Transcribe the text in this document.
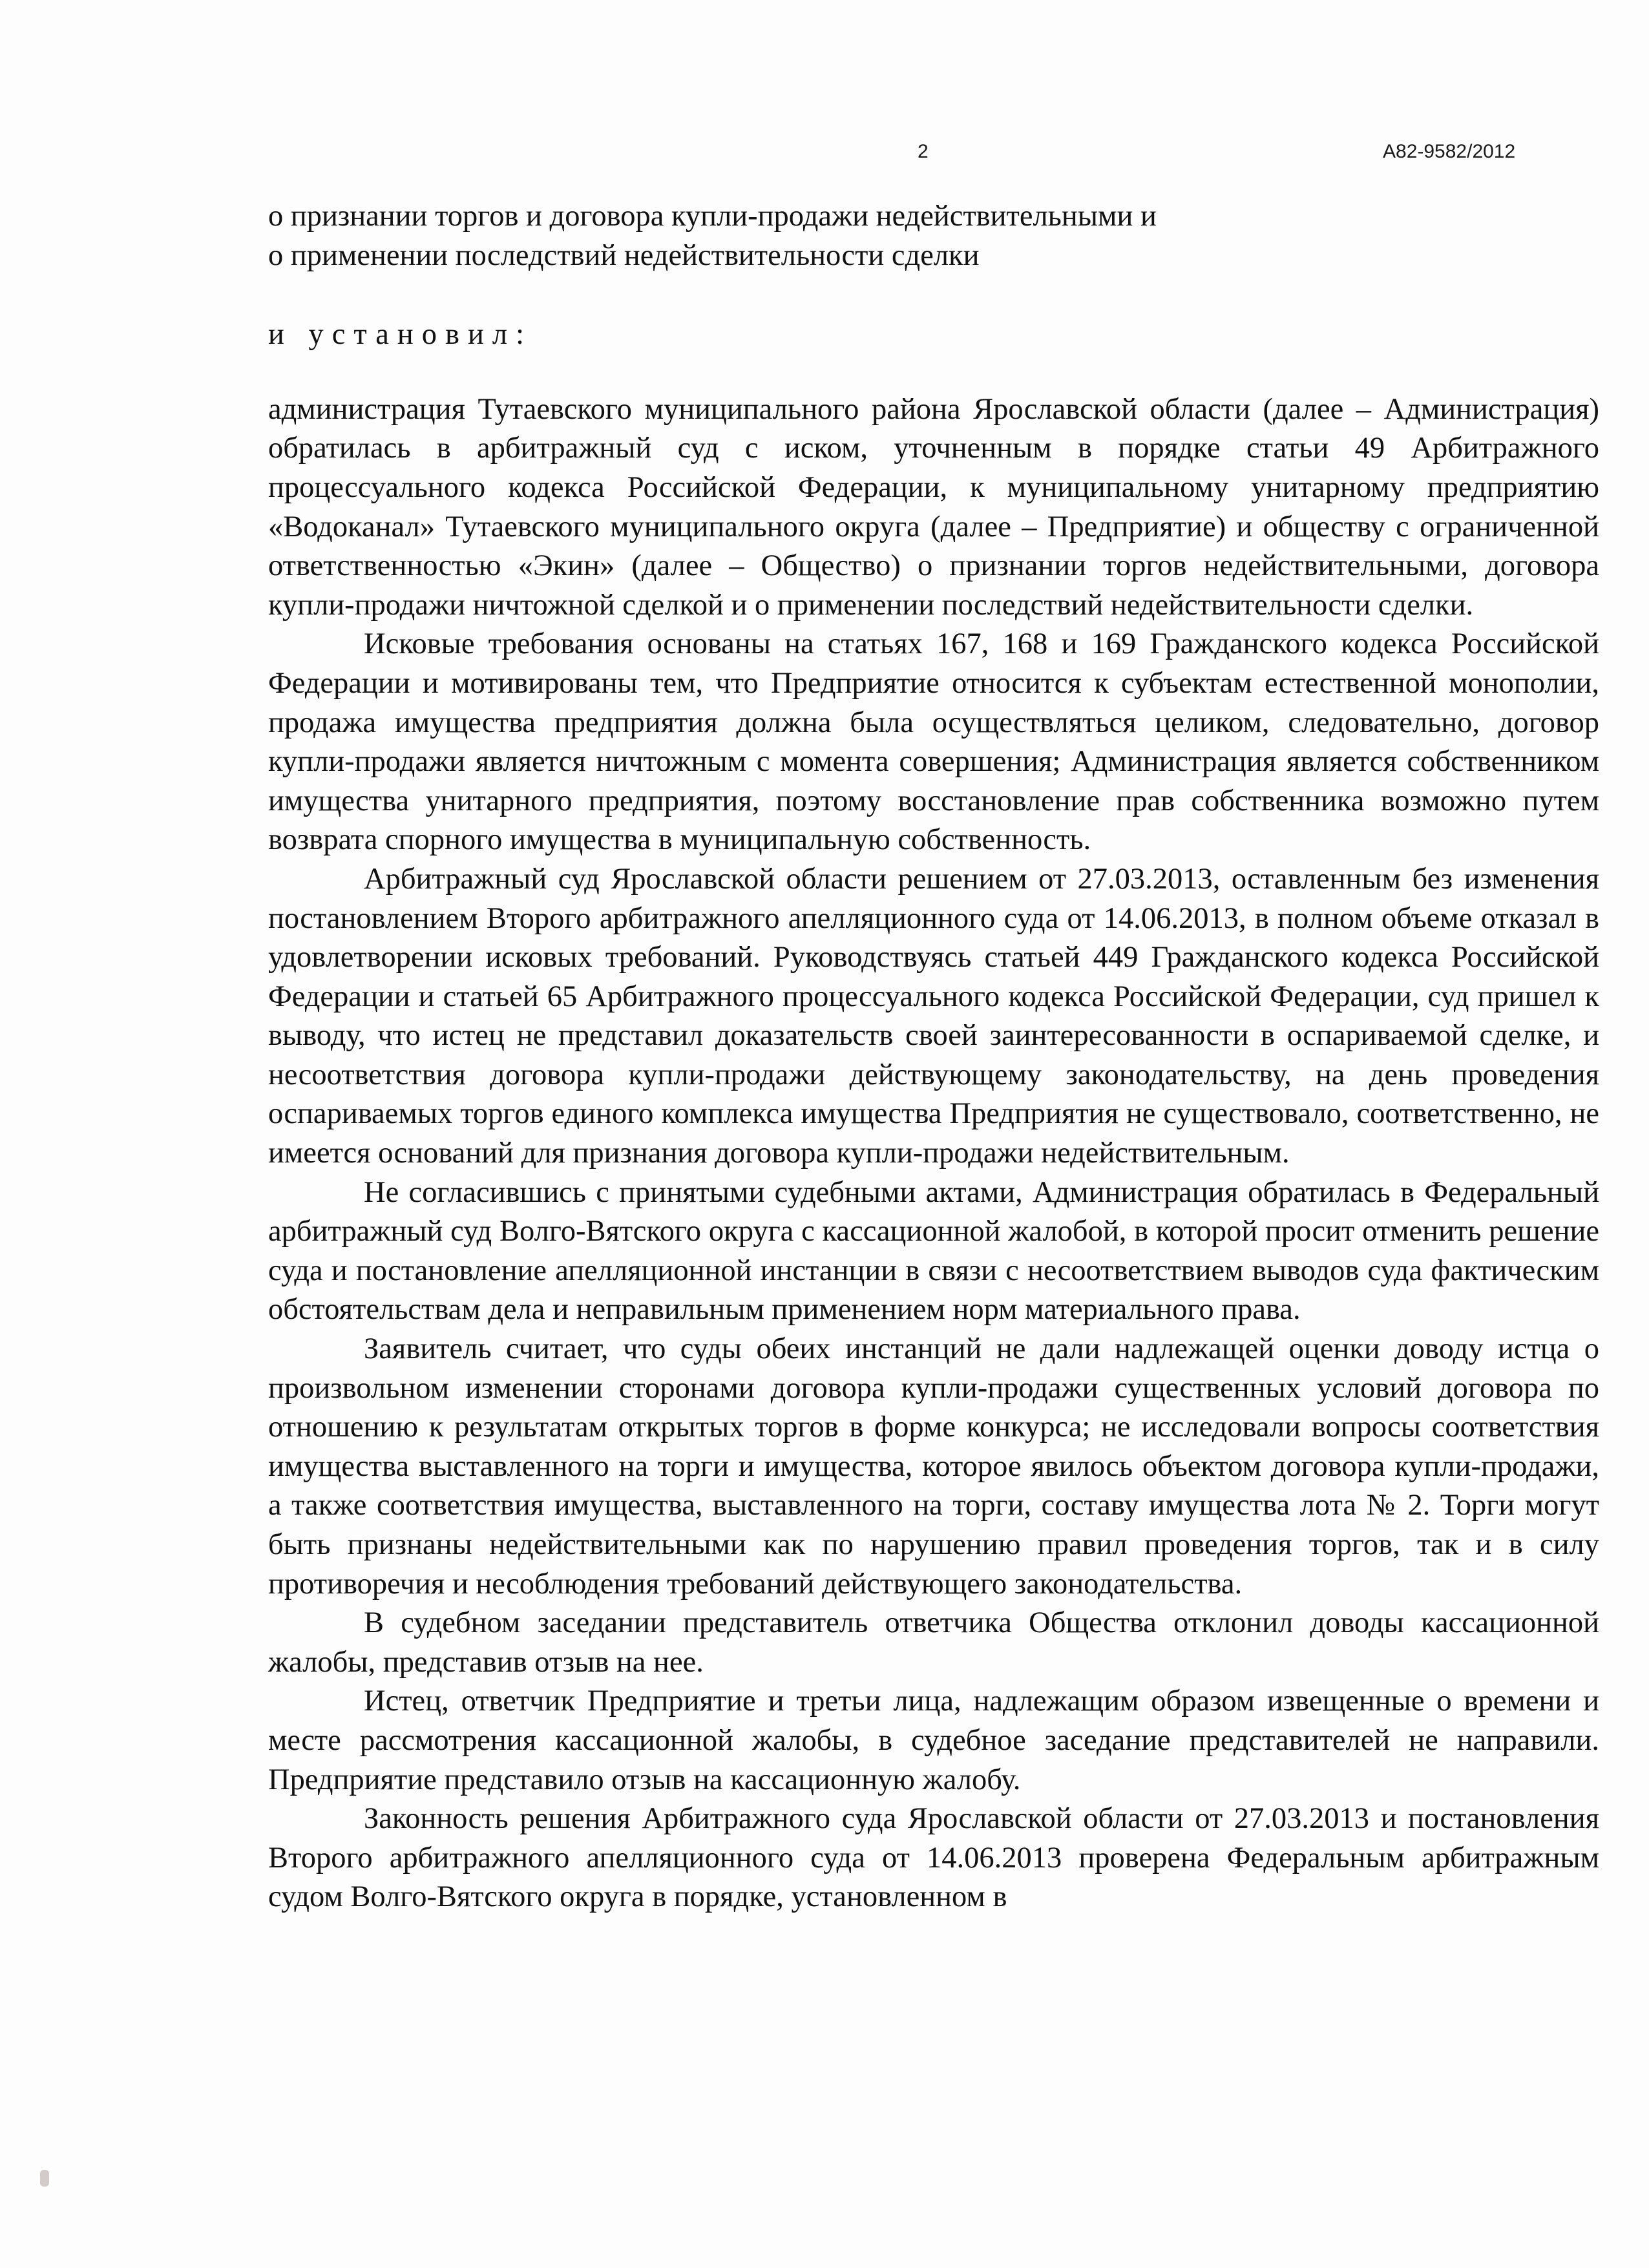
2	А82-9582/2012

о признании торгов и договора купли-продажи недействительными и

о применении последствий недействительности сделки

и установил:

администрация Тутаевского муниципального района Ярославской области (далее – Администрация) обратилась в арбитражный суд с иском, уточненным в порядке статьи 49 Арбитражного процессуального кодекса Российской Федерации, к муниципальному унитарному предприятию «Водоканал» Тутаевского муниципального округа (далее – Предприятие) и обществу с ограниченной ответственностью «Экин» (далее – Общество) о признании торгов недействительными, договора купли-продажи ничтожной сделкой и о применении последствий недействительности сделки.

Исковые требования основаны на статьях 167, 168 и 169 Гражданского кодекса Российской Федерации и мотивированы тем, что Предприятие относится к субъектам естественной монополии, продажа имущества предприятия должна была осуществляться целиком, следовательно, договор купли-продажи является ничтожным с момента совершения; Администрация является собственником имущества унитарного предприятия, поэтому восстановление прав собственника возможно путем возврата спорного имущества в муниципальную собственность.

Арбитражный суд Ярославской области решением от 27.03.2013, оставленным без изменения постановлением Второго арбитражного апелляционного суда от 14.06.2013, в полном объеме отказал в удовлетворении исковых требований. Руководствуясь статьей 449 Гражданского кодекса Российской Федерации и статьей 65 Арбитражного процессуального кодекса Российской Федерации, суд пришел к выводу, что истец не представил доказательств своей заинтересованности в оспариваемой сделке, и несоответствия договора купли-продажи действующему законодательству, на день проведения оспариваемых торгов единого комплекса имущества Предприятия не существовало, соответственно, не имеется оснований для признания договора купли-продажи недействительным.

Не согласившись с принятыми судебными актами, Администрация обратилась в Федеральный арбитражный суд Волго-Вятского округа с кассационной жалобой, в которой просит отменить решение суда и постановление апелляционной инстанции в связи с несоответствием выводов суда фактическим обстоятельствам дела и неправильным применением норм материального права.

Заявитель считает, что суды обеих инстанций не дали надлежащей оценки доводу истца о произвольном изменении сторонами договора купли-продажи существенных условий договора по отношению к результатам открытых торгов в форме конкурса; не исследовали вопросы соответствия имущества выставленного на торги и имущества, которое явилось объектом договора купли-продажи, а также соответствия имущества, выставленного на торги, составу имущества лота № 2. Торги могут быть признаны недействительными как по нарушению правил проведения торгов, так и в силу противоречия и несоблюдения требований действующего законодательства.

В судебном заседании представитель ответчика Общества отклонил доводы кассационной жалобы, представив отзыв на нее.

Истец, ответчик Предприятие и третьи лица, надлежащим образом извещенные о времени и месте рассмотрения кассационной жалобы, в судебное заседание представителей не направили. Предприятие представило отзыв на кассационную жалобу.

Законность решения Арбитражного суда Ярославской области от 27.03.2013 и постановления Второго арбитражного апелляционного суда от 14.06.2013 проверена Федеральным арбитражным судом Волго-Вятского округа в порядке, установленном в
